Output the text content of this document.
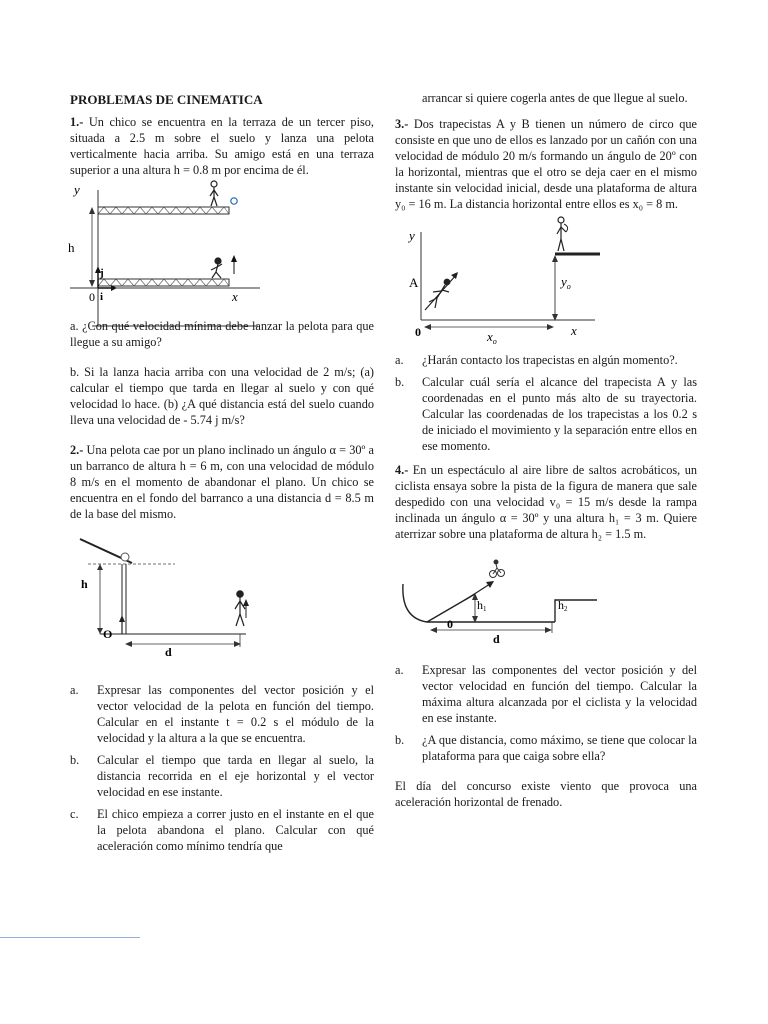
PROBLEMAS DE CINEMATICA

1.- Un chico se encuentra en la terraza de un tercer piso, situada a 2.5 m sobre el suelo y lanza una pelota verticalmente hacia arriba. Su amigo está en una terraza superior a una altura h = 0.8 m por encima de él.

y
h
j
i
0	x

a. ¿Con qué velocidad mínima debe lanzar la pelota para que llegue a su amigo?

b. Si la lanza hacia arriba con una velocidad de 2 m/s; (a) calcular el tiempo que tarda en llegar al suelo y con qué velocidad lo hace. (b) ¿A qué distancia está del suelo cuando lleva una velocidad de - 5.74 j m/s?

2.- Una pelota cae por un plano inclinado un ángulo α = 30º a un barranco de altura h = 6 m, con una velocidad de módulo 8 m/s en el momento de abandonar el plano. Un chico se encuentra en el fondo del barranco a una distancia d = 8.5 m de la base del mismo.

h
O
d
a.	Expresar las componentes del vector posición y el vector velocidad de la pelota en función del tiempo. Calcular en el instante t = 0.2 s el módulo de la velocidad y la altura a la que se encuentra.
b.	Calcular el tiempo que tarda en llegar al suelo, la distancia recorrida en el eje horizontal y el vector velocidad en ese instante.
c.	El chico empieza a correr justo en el instante en el que la pelota abandona el plano. Calcular con qué aceleración como mínimo tendría que

arrancar si quiere cogerla antes de que llegue al suelo.

3.- Dos trapecistas A y B tienen un número de circo que consiste en que uno de ellos es lanzado por un cañón con una velocidad de módulo 20 m/s formando un ángulo de 20º con la horizontal, mientras que el otro se deja caer en el mismo instante sin velocidad inicial, desde una plataforma de altura y₀ = 16 m. La distancia horizontal entre ellos es x₀ = 8 m.

y
A	$y_o$
0	$x_o$
x
a.	¿Harán contacto los trapecistas en algún momento?.
b.	Calcular cuál sería el alcance del trapecista A y las coordenadas en el punto más alto de su trayectoria. Calcular las coordenadas de los trapecistas a los 0.2 s de iniciado el movimiento y la separación entre ellos en ese momento.

4.- En un espectáculo al aire libre de saltos acrobáticos, un ciclista ensaya sobre la pista de la figura de manera que sale despedido con una velocidad v₀ = 15 m/s desde la rampa inclinada un ángulo α = 30º y una altura h₁ = 3 m. Quiere aterrizar sobre una plataforma de altura h₂ = 1.5 m.

h1	h2
0
d
a.	Expresar las componentes del vector posición y del vector velocidad en función del tiempo. Calcular la máxima altura alcanzada por el ciclista y la velocidad en ese instante.
b.	¿A que distancia, como máximo, se tiene que colocar la plataforma para que caiga sobre ella?

El día del concurso existe viento que provoca una aceleración horizontal de frenado.
